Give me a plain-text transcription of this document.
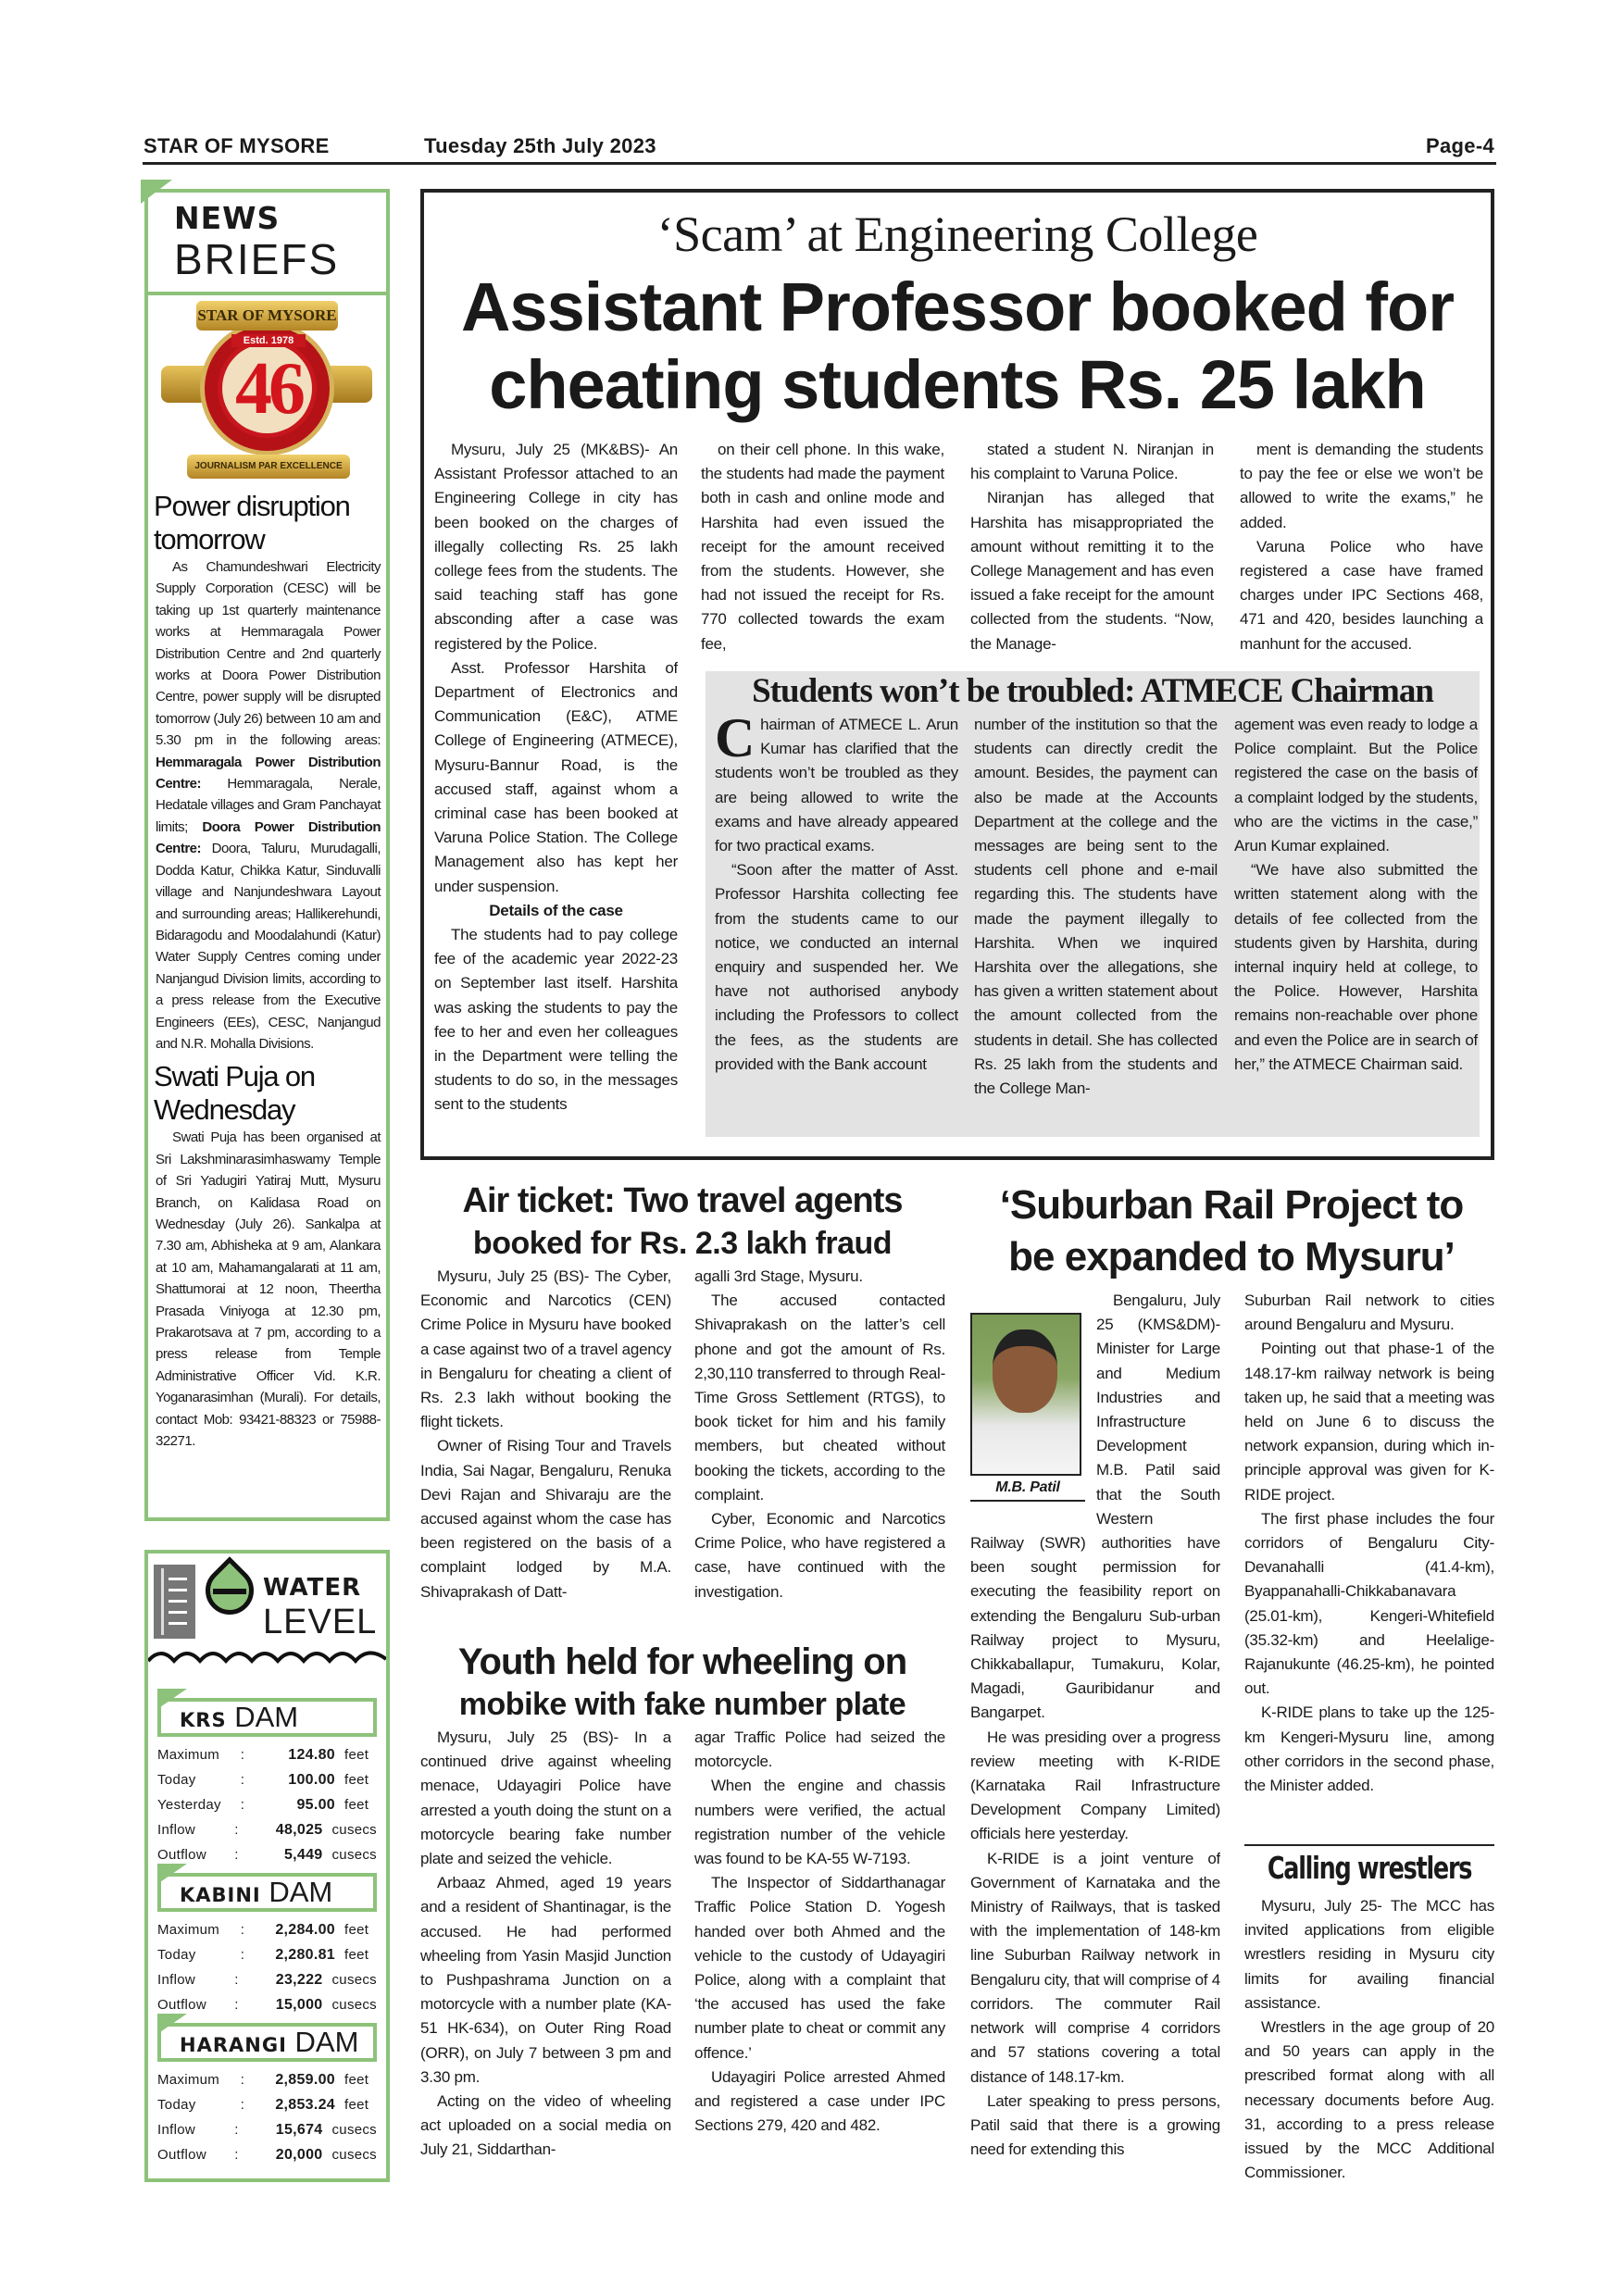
STAR OF MYSORE	Tuesday 25th July 2023	Page-4
NEWS
BRIEFS
STAR OF MYSORE
Estd. 1978
46
JOURNALISM PAR EXCELLENCE
Power disruption tomorrow

As Chamundeshwari Electricity Supply Corporation (CESC) will be taking up 1st quarterly maintenance works at Hemmaragala Power Distribution Centre and 2nd quarterly works at Doora Power Distribution Centre, power supply will be disrupted tomorrow (July 26) between 10 am and 5.30 pm in the following areas: Hemmaragala Power Distribution Centre: Hemmaragala, Nerale, Hedatale villages and Gram Panchayat limits; Doora Power Distribution Centre: Doora, Taluru, Murudagalli, Dodda Katur, Chikka Katur, Sinduvalli village and Nanjundeshwara Layout and surrounding areas; Hallikerehundi, Bidaragodu and Moodalahundi (Katur) Water Supply Centres coming under Nanjangud Division limits, according to a press release from the Executive Engineers (EEs), CESC, Nanjangud and N.R. Mohalla Divisions.

Swati Puja on Wednesday

Swati Puja has been organised at Sri Lakshminarasimhaswamy Temple of Sri Yadugiri Yatiraj Mutt, Mysuru Branch, on Kalidasa Road on Wednesday (July 26). Sankalpa at 7.30 am, Abhisheka at 9 am, Alankara at 10 am, Mahamangalarati at 11 am, Shattumorai at 12 noon, Theertha Prasada Viniyoga at 12.30 pm, Prakarotsava at 7 pm, according to a press release from Temple Administrative Officer Vid. K.R. Yoganarasimhan (Murali). For details, contact Mob: 93421-88323 or 75988-32271.

WATER
LEVEL
KRS DAM
Maximum	:	124.80 feet
Today	:	100.00 feet
Yesterday	:	95.00 feet
Inflow	:	48,025 cusecs
Outflow	:	5,449 cusecs
KABINI DAM
Maximum	:	2,284.00 feet
Today	:	2,280.81 feet
Inflow	:	23,222 cusecs
Outflow	:	15,000 cusecs
HARANGI DAM
Maximum	:	2,859.00 feet
Today	:	2,853.24 feet
Inflow	:	15,674 cusecs
Outflow	:	20,000 cusecs
‘Scam’ at Engineering College
Assistant Professor booked for
cheating students Rs. 25 lakh

Mysuru, July 25 (MK&BS)- An Assistant Professor attached to an Engineering College in city has been booked on the charges of illegally collecting Rs. 25 lakh college fees from the students. The said teaching staff has gone absconding after a case was registered by the Police.

Asst. Professor Harshita of Department of Electronics and Communication (E&C), ATME College of Engineering (ATMECE), Mysuru-Bannur Road, is the accused staff, against whom a criminal case has been booked at Varuna Police Station. The College Management also has kept her under suspension.

Details of the case

The students had to pay college fee of the academic year 2022-23 on September last itself. Harshita was asking the students to pay the fee to her and even her colleagues in the Department were telling the students to do so, in the messages sent to the students

on their cell phone. In this wake, the students had made the payment both in cash and online mode and Harshita had even issued the receipt for the amount received from the students. However, she had not issued the receipt for Rs. 770 collected towards the exam fee,

stated a student N. Niranjan in his complaint to Varuna Police.

Niranjan has alleged that Harshita has misappropriated the amount without remitting it to the College Management and has even issued a fake receipt for the amount collected from the students. “Now, the Manage-

ment is demanding the students to pay the fee or else we won’t be allowed to write the exams,” he added.

Varuna Police who have registered a case have framed charges under IPC Sections 468, 471 and 420, besides launching a manhunt for the accused.

Students won’t be troubled: ATMECE Chairman

Chairman of ATMECE L. Arun Kumar has clarified that the students won’t be troubled as they are being allowed to write the exams and have already appeared for two practical exams.

“Soon after the matter of Asst. Professor Harshita collecting fee from the students came to our notice, we conducted an internal enquiry and suspended her. We have not authorised anybody including the Professors to collect the fees, as the students are provided with the Bank account

number of the institution so that the students can directly credit the amount. Besides, the payment can also be made at the Accounts Department at the college and the messages are being sent to the students cell phone and e-mail regarding this. The students have made the payment illegally to Harshita. When we inquired Harshita over the allegations, she has given a written statement about the amount collected from the students in detail. She has collected Rs. 25 lakh from the students and the College Man-

agement was even ready to lodge a Police complaint. But the Police registered the case on the basis of a complaint lodged by the students, who are the victims in the case,” Arun Kumar explained.

“We have also submitted the written statement along with the details of fee collected from the students given by Harshita, during internal inquiry held at college, to the Police. However, Harshita remains non-reachable over phone and even the Police are in search of her,” the ATMECE Chairman said.

Air ticket: Two travel agents
booked for Rs. 2.3 lakh fraud

Mysuru, July 25 (BS)- The Cyber, Economic and Narcotics (CEN) Crime Police in Mysuru have booked a case against two of a travel agency in Bengaluru for cheating a client of Rs. 2.3 lakh without booking the flight tickets.

Owner of Rising Tour and Travels India, Sai Nagar, Bengaluru, Renuka Devi Rajan and Shivaraju are the accused against whom the case has been registered on the basis of a complaint lodged by M.A. Shivaprakash of Datt-

agalli 3rd Stage, Mysuru.

The accused contacted Shivaprakash on the latter’s cell phone and got the amount of Rs. 2,30,110 transferred to through Real-Time Gross Settlement (RTGS), to book ticket for him and his family members, but cheated without booking the tickets, according to the complaint.

Cyber, Economic and Narcotics Crime Police, who have registered a case, have continued with the investigation.

Youth held for wheeling on
mobike with fake number plate

Mysuru, July 25 (BS)- In a continued drive against wheeling menace, Udayagiri Police have arrested a youth doing the stunt on a motorcycle bearing fake number plate and seized the vehicle.

Arbaaz Ahmed, aged 19 years and a resident of Shantinagar, is the accused. He had performed wheeling from Yasin Masjid Junction to Pushpashrama Junction on a motorcycle with a number plate (KA-51 HK-634), on Outer Ring Road (ORR), on July 7 between 3 pm and 3.30 pm.

Acting on the video of wheeling act uploaded on a social media on July 21, Siddarthan-

agar Traffic Police had seized the motorcycle.

When the engine and chassis numbers were verified, the actual registration number of the vehicle was found to be KA-55 W-7193.

The Inspector of Siddarthanagar Traffic Police Station D. Yogesh handed over both Ahmed and the vehicle to the custody of Udayagiri Police, along with a complaint that ‘the accused has used the fake number plate to cheat or commit any offence.’

Udayagiri Police arrested Ahmed and registered a case under IPC Sections 279, 420 and 482.

‘Suburban Rail Project to
be expanded to Mysuru’
M.B. Patil

Bengaluru, July 25 (KMS&DM)- Minister for Large and Medium Industries and Infrastructure Development M.B. Patil said that the South Western

Railway (SWR) authorities have been sought permission for executing the feasibility report on extending the Bengaluru Sub-urban Railway project to Mysuru, Chikkaballapur, Tumakuru, Kolar, Magadi, Gauribidanur and Bangarpet.

He was presiding over a progress review meeting with K-RIDE (Karnataka Rail Infrastructure Development Company Limited) officials here yesterday.

K-RIDE is a joint venture of Government of Karnataka and the Ministry of Railways, that is tasked with the implementation of 148-km line Suburban Railway network in Bengaluru city, that will comprise of 4 corridors. The commuter Rail network will comprise 4 corridors and 57 stations covering a total distance of 148.17-km.

Later speaking to press persons, Patil said that there is a growing need for extending this

Suburban Rail network to cities around Bengaluru and Mysuru.

Pointing out that phase-1 of the 148.17-km railway network is being taken up, he said that a meeting was held on June 6 to discuss the network expansion, during which in-principle approval was given for K-RIDE project.

The first phase includes the four corridors of Bengaluru City-Devanahalli (41.4-km), Byappanahalli-Chikkabanavara (25.01-km), Kengeri-Whitefield (35.32-km) and Heelalige-Rajanukunte (46.25-km), he pointed out.

K-RIDE plans to take up the 125-km Kengeri-Mysuru line, among other corridors in the second phase, the Minister added.

Calling wrestlers

Mysuru, July 25- The MCC has invited applications from eligible wrestlers residing in Mysuru city limits for availing financial assistance.

Wrestlers in the age group of 20 and 50 years can apply in the prescribed format along with all necessary documents before Aug. 31, according to a press release issued by the MCC Additional Commissioner.
